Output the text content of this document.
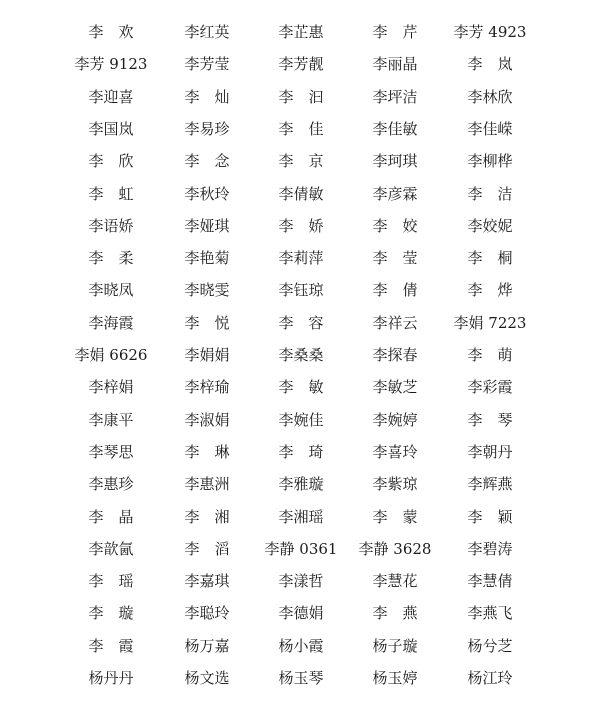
李　欢	李红英	李芷惠	李　芹	李芳 4923
李芳 9123	李芳莹	李芳靓	李丽晶	李　岚
李迎喜	李　灿	李　汩	李坪洁	李林欣
李国岚	李易珍	李　佳	李佳敏	李佳嵘
李　欣	李　念	李　京	李珂琪	李柳桦
李　虹	李秋玲	李倩敏	李彦霖	李　洁
李语娇	李娅琪	李　娇	李　姣	李姣妮
李　柔	李艳菊	李莉萍	李　莹	李　桐
李晓凤	李晓雯	李钰琼	李　倩	李　烨
李海霞	李　悦	李　容	李祥云	李娟 7223
李娟 6626	李娟娟	李桑桑	李探春	李　萌
李梓娟	李梓瑜	李　敏	李敏芝	李彩霞
李康平	李淑娟	李婉佳	李婉婷	李　琴
李琴思	李　琳	李　琦	李喜玲	李朝丹
李惠珍	李惠洲	李雅璇	李紫琼	李辉燕
李　晶	李　湘	李湘瑶	李　蒙	李　颖
李歆氤	李　滔	李静 0361	李静 3628	李碧涛
李　瑶	李嘉琪	李漾哲	李慧花	李慧倩
李　璇	李聪玲	李德娟	李　燕	李燕飞
李　霞	杨万嘉	杨小霞	杨子璇	杨兮芝
杨丹丹	杨文选	杨玉琴	杨玉婷	杨江玲
